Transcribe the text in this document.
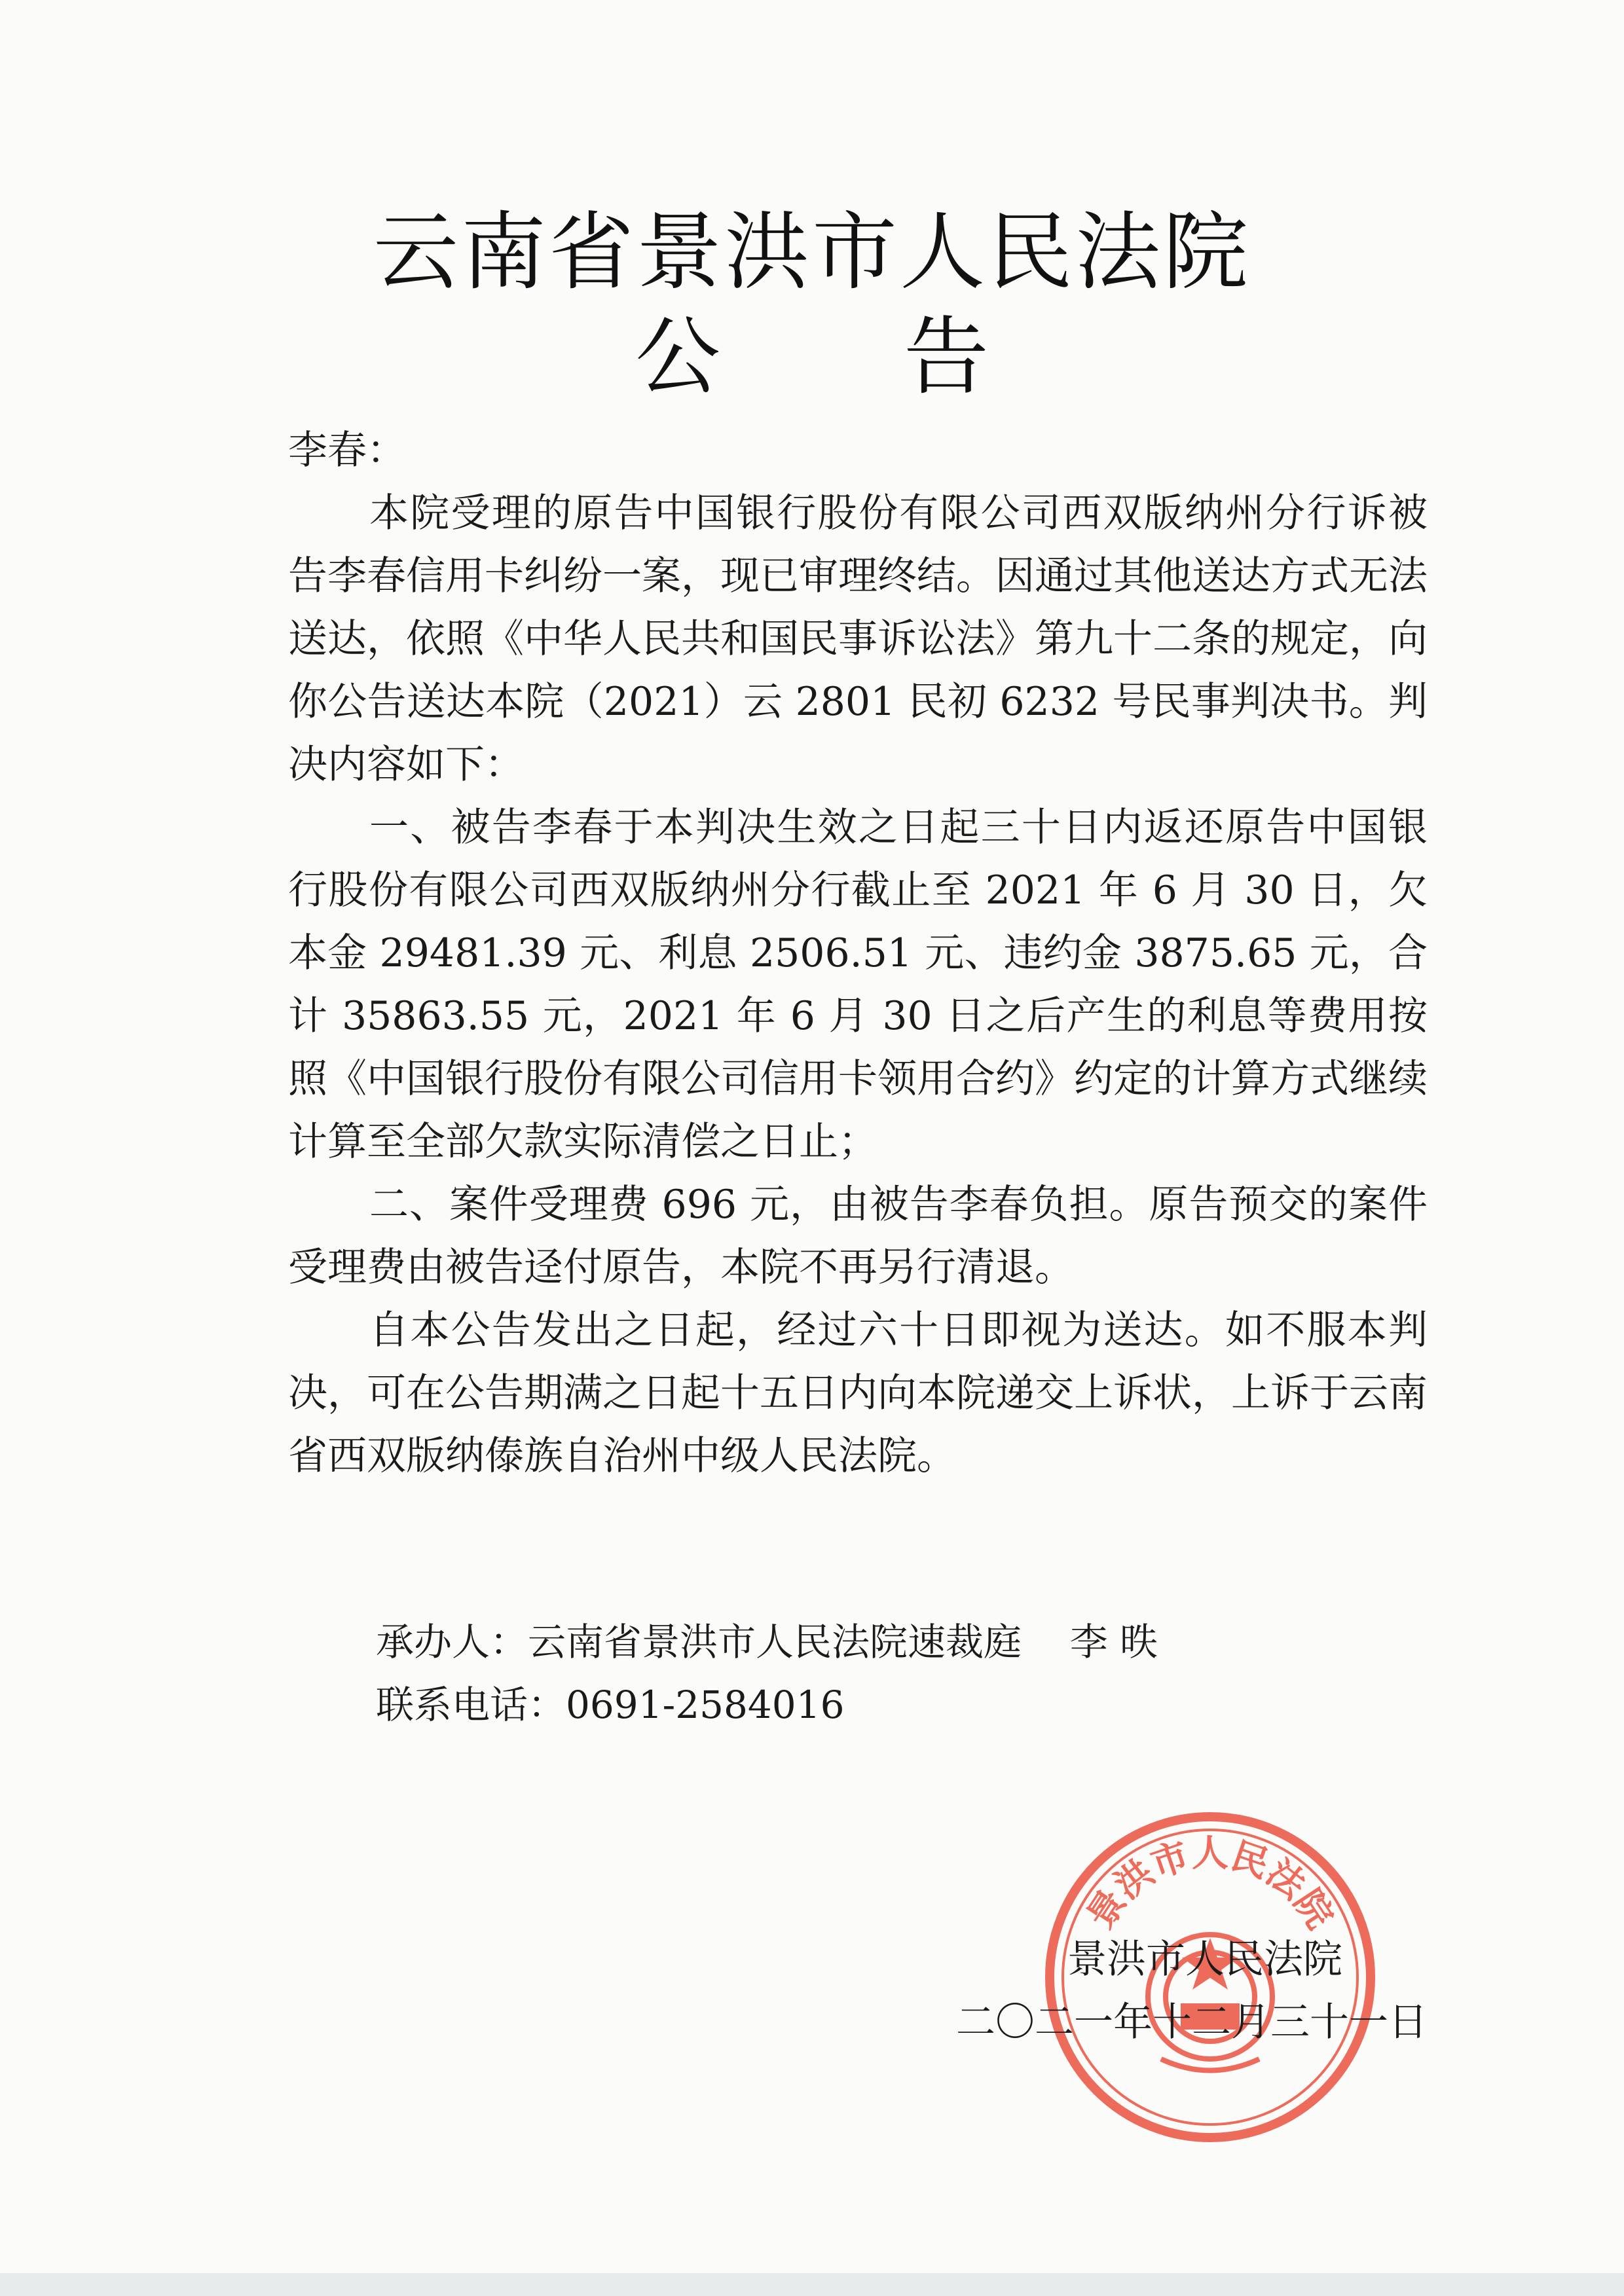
云南省景洪市人民法院
公告

李春：

本院受理的原告中国银行股份有限公司西双版纳州分行诉被告李春信用卡纠纷一案，现已审理终结。因通过其他送达方式无法送达，依照《中华人民共和国民事诉讼法》第九十二条的规定，向你公告送达本院（2021）云 2801 民初 6232 号民事判决书。判决内容如下：

一、被告李春于本判决生效之日起三十日内返还原告中国银行股份有限公司西双版纳州分行截止至 2021 年 6 月 30 日，欠本金 29481.39 元、利息 2506.51 元、违约金 3875.65 元，合计 35863.55 元，2021 年 6 月 30 日之后产生的利息等费用按照《中国银行股份有限公司信用卡领用合约》约定的计算方式继续计算至全部欠款实际清偿之日止；

二、案件受理费 696 元，由被告李春负担。原告预交的案件受理费由被告迳付原告，本院不再另行清退。

自本公告发出之日起，经过六十日即视为送达。如不服本判决，可在公告期满之日起十五日内向本院递交上诉状，上诉于云南省西双版纳傣族自治州中级人民法院。

承办人：云南省景洪市人民法院速裁庭    李 昳
联系电话：0691-2584016
景洪市人民法院
景洪市人民法院
二〇二一年十二月三十一日
